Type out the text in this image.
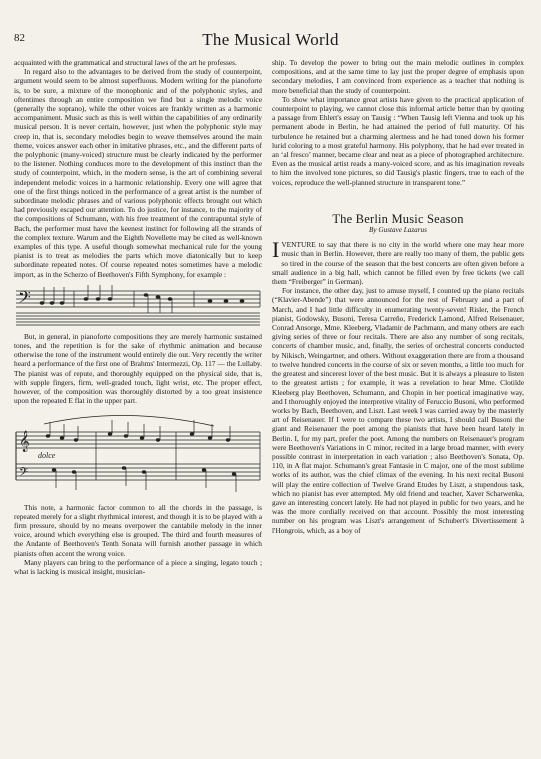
82	The Musical World

acquainted with the grammatical and structural laws of the art he professes.

In regard also to the advantages to be derived from the study of counterpoint, argument would seem to be almost superfluous. Modern writing for the pianoforte is, to be sure, a mixture of the monophonic and of the polyphonic styles, and oftentimes through an entire composition we find but a single melodic voice (generally the soprano), while the other voices are frankly written as a harmonic accompaniment. Music such as this is well within the capabilities of any ordinarily musical person. It is never certain, however, just when the polyphonic style may creep in, that is, secondary melodies begin to weave themselves around the main theme, voices answer each other in imitative phrases, etc., and the different parts of the polyphonic (many-voiced) structure must be clearly indicated by the performer to the listener. Nothing conduces more to the development of this instinct than the study of counterpoint, which, in the modern sense, is the art of combining several independent melodic voices in a harmonic relationship. Every one will agree that one of the first things noticed in the performance of a great artist is the number of subordinate melodic phrases and of various polyphonic effects brought out which had previously escaped our attention. To do justice, for instance, to the majority of the compositions of Schumann, with his free treatment of the contrapuntal style of Bach, the performer must have the keenest instinct for following all the strands of the complex texture. Warum and the Eighth Novellette may be cited as well-known examples of this type. A useful though somewhat mechanical rule for the young pianist is to treat as melodies the parts which move diatonically but to keep subordinate repeated notes. Of course repeated notes sometimes have a melodic import, as in the Scherzo of Beethoven's Fifth Symphony, for example :

𝄢

But, in general, in pianoforte compositions they are merely harmonic sustained tones, and the repetition is for the sake of rhythmic animation and because otherwise the tone of the instrument would entirely die out. Very recently the writer heard a performance of the first one of Brahms' Intermezzi, Op. 117 — the Lullaby. The pianist was of repute, and thoroughly equipped on the physical side, that is, with supple fingers, firm, well-graded touch, light wrist, etc. The proper effect, however, of the composition was thoroughly distorted by a too great insistence upon the repeated E flat in the upper part.

𝄞
𝄢
dolce

This note, a harmonic factor common to all the chords in the passage, is repeated merely for a slight rhythmical interest, and though it is to be played with a firm pressure, should by no means overpower the cantabile melody in the inner voice, around which everything else is grouped. The third and fourth measures of the Andante of Beethoven's Tenth Sonata will furnish another passage in which pianists often accent the wrong voice.

Many players can bring to the performance of a piece a singing, legato touch ; what is lacking is musical insight, musician-

ship. To develop the power to bring out the main melodic outlines in complex compositions, and at the same time to lay just the proper degree of emphasis upon secondary melodies, I am convinced from experience as a teacher that nothing is more beneficial than the study of counterpoint.

To show what importance great artists have given to the practical application of counterpoint to playing, we cannot close this informal article better than by quoting a passage from Ehlert's essay on Tausig : “When Tausig left Vienna and took up his permanent abode in Berlin, he had attained the period of full maturity. Of his turbulence he retained but a charming alertness and he had toned down his former lurid coloring to a most grateful harmony. His polyphony, that he had ever treated in an ‘al fresco’ manner, became clear and neat as a piece of photographed architecture. Even as the musical artist reads a many-voiced score, and as his imagination reveals to him the involved tone pictures, so did Tausig's plastic fingers, true to each of the voices, reproduce the well-planned structure in transparent tone.”

The Berlin Music Season
By Gustave Lazarus

IVENTURE to say that there is no city in the world where one may hear more music than in Berlin. However, there are really too many of them, the public gets so tired in the course of the season that the best concerts are often given before a small audience in a big hall, which cannot be filled even by free tickets (we call them “Freiberger” in German).

For instance, the other day, just to amuse myself, I counted up the piano recitals (“Klavier-Abende”) that were announced for the rest of February and a part of March, and I had little difficulty in enumerating twenty-seven! Risler, the French pianist, Godowsky, Busoni, Teresa Carreño, Frederick Lamond, Alfred Reisenauer, Conrad Ansorge, Mme. Kleeberg, Vladamir de Pachmann, and many others are each giving series of three or four recitals. There are also any number of song recitals, concerts of chamber music, and, finally, the series of orchestral concerts conducted by Nikisch, Weingartner, and others. Without exaggeration there are from a thousand to twelve hundred concerts in the course of six or seven months, a little too much for the greatest and sincerest lover of the best music. But it is always a pleasure to listen to the greatest artists ; for example, it was a revelation to hear Mme. Clotilde Kleeberg play Beethoven, Schumann, and Chopin in her poetical imaginative way, and I thoroughly enjoyed the interpretive vitality of Feruccio Busoni, who performed works by Bach, Beethoven, and Liszt. Last week I was carried away by the masterly art of Reisenauer. If I were to compare these two artists, I should call Busoni the giant and Reisenauer the poet among the pianists that have been heard lately in Berlin. I, for my part, prefer the poet. Among the numbers on Reisenauer's program were Beethoven's Variations in C minor, recited in a large broad manner, with every possible contrast in interpretation in each variation ; also Beethoven's Sonata, Op. 110, in A flat major. Schumann's great Fantasie in C major, one of the most sublime works of its author, was the chief climax of the evening. In his next recital Busoni will play the entire collection of Twelve Grand Etudes by Liszt, a stupendous task, which no pianist has ever attempted. My old friend and teacher, Xaver Scharwenka, gave an interesting concert lately. He had not played in public for two years, and he was the more cordially received on that account. Possibly the most interesting number on his program was Liszt's arrangement of Schubert's Divertissement à l'Hongrois, which, as a boy of
